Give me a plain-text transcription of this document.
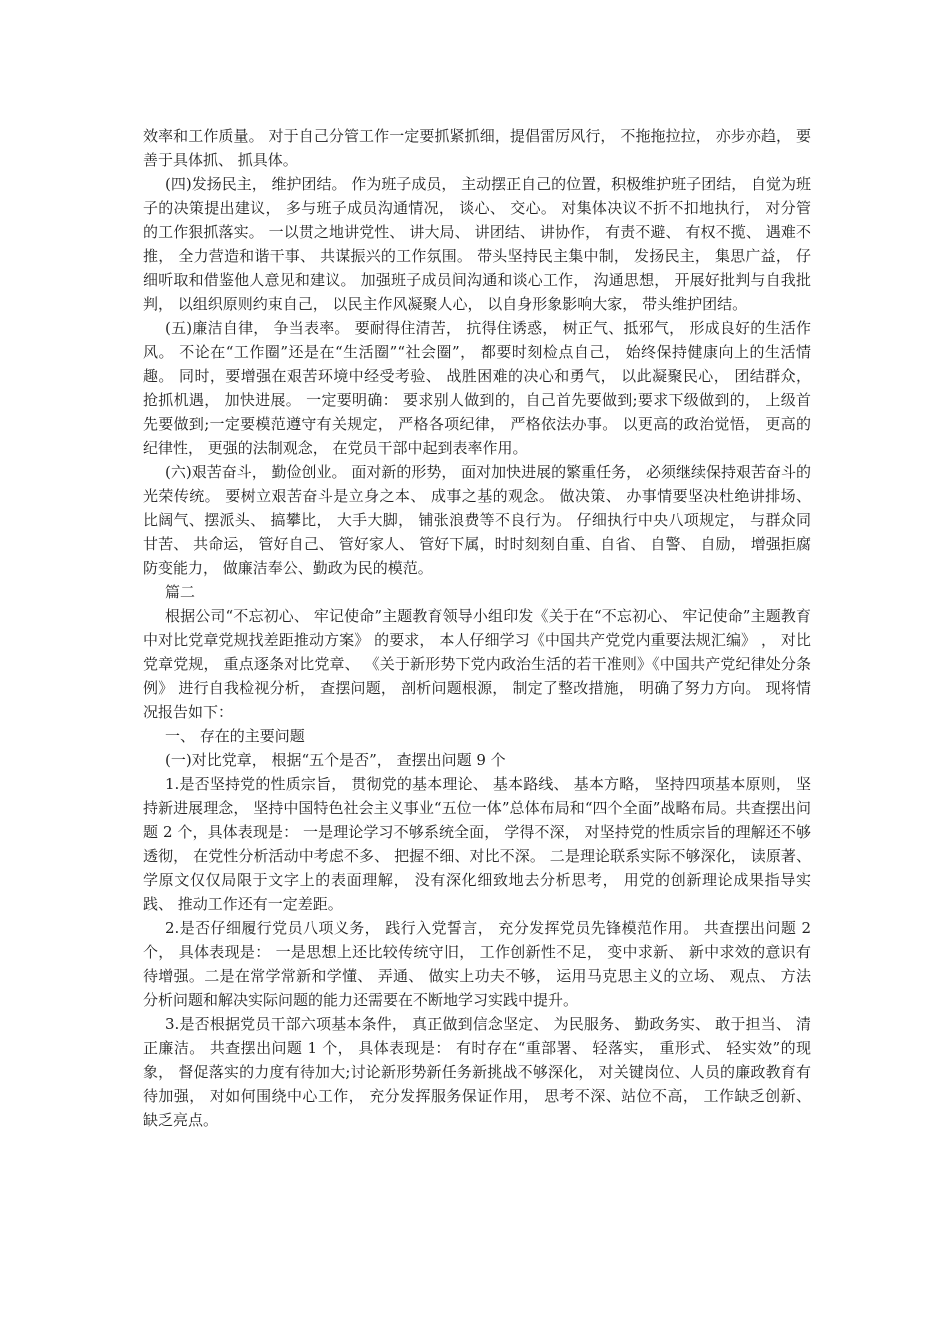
效率和工作质量。 对于自己分管工作一定要抓紧抓细，提倡雷厉风行， 不拖拖拉拉， 亦步亦趋， 要善于具体抓、 抓具体。

(四)发扬民主， 维护团结。 作为班子成员， 主动摆正自己的位置，积极维护班子团结， 自觉为班子的决策提出建议， 多与班子成员沟通情况， 谈心、 交心。 对集体决议不折不扣地执行， 对分管的工作狠抓落实。 一以贯之地讲党性、 讲大局、 讲团结、 讲协作， 有责不避、 有权不揽、 遇难不推， 全力营造和谐干事、 共谋振兴的工作氛围。 带头坚持民主集中制， 发扬民主， 集思广益， 仔细听取和借鉴他人意见和建议。 加强班子成员间沟通和谈心工作， 沟通思想， 开展好批判与自我批判， 以组织原则约束自己， 以民主作风凝聚人心， 以自身形象影响大家， 带头维护团结。

(五)廉洁自律， 争当表率。 要耐得住清苦， 抗得住诱惑， 树正气、抵邪气， 形成良好的生活作风。 不论在“工作圈”还是在“生活圈”“社会圈”， 都要时刻检点自己， 始终保持健康向上的生活情趣。 同时，要增强在艰苦环境中经受考验、 战胜困难的决心和勇气， 以此凝聚民心， 团结群众， 抢抓机遇， 加快进展。 一定要明确： 要求别人做到的，自己首先要做到;要求下级做到的， 上级首先要做到;一定要模范遵守有关规定， 严格各项纪律， 严格依法办事。 以更高的政治觉悟， 更高的纪律性， 更强的法制观念， 在党员干部中起到表率作用。

(六)艰苦奋斗， 勤俭创业。 面对新的形势， 面对加快进展的繁重任务， 必须继续保持艰苦奋斗的光荣传统。 要树立艰苦奋斗是立身之本、 成事之基的观念。 做决策、 办事情要坚决杜绝讲排场、 比阔气、摆派头、 搞攀比， 大手大脚， 铺张浪费等不良行为。 仔细执行中央八项规定， 与群众同甘苦、 共命运， 管好自己、 管好家人、 管好下属，时时刻刻自重、自省、 自警、 自励， 增强拒腐防变能力， 做廉洁奉公、勤政为民的模范。

篇二

根据公司“不忘初心、 牢记使命”主题教育领导小组印发《关于在“不忘初心、 牢记使命”主题教育中对比党章党规找差距推动方案》 的要求， 本人仔细学习《中国共产党党内重要法规汇编》 ， 对比党章党规， 重点逐条对比党章、 《关于新形势下党内政治生活的若干准则》《中国共产党纪律处分条例》 进行自我检视分析， 查摆问题， 剖析问题根源， 制定了整改措施， 明确了努力方向。 现将情况报告如下：

一、 存在的主要问题

(一)对比党章， 根据“五个是否”， 查摆出问题 9 个

1.是否坚持党的性质宗旨， 贯彻党的基本理论、 基本路线、 基本方略， 坚持四项基本原则， 坚持新进展理念， 坚持中国特色社会主义事业“五位一体”总体布局和“四个全面”战略布局。共查摆出问题 2 个，具体表现是： 一是理论学习不够系统全面， 学得不深， 对坚持党的性质宗旨的理解还不够透彻， 在党性分析活动中考虑不多、 把握不细、对比不深。 二是理论联系实际不够深化， 读原著、 学原文仅仅局限于文字上的表面理解， 没有深化细致地去分析思考， 用党的创新理论成果指导实践、 推动工作还有一定差距。

2.是否仔细履行党员八项义务， 践行入党誓言， 充分发挥党员先锋模范作用。 共查摆出问题 2 个， 具体表现是： 一是思想上还比较传统守旧， 工作创新性不足， 变中求新、 新中求效的意识有待增强。二是在常学常新和学懂、 弄通、 做实上功夫不够， 运用马克思主义的立场、 观点、 方法分析问题和解决实际问题的能力还需要在不断地学习实践中提升。

3.是否根据党员干部六项基本条件， 真正做到信念坚定、 为民服务、 勤政务实、 敢于担当、 清正廉洁。 共查摆出问题 1 个， 具体表现是： 有时存在“重部署、 轻落实， 重形式、 轻实效”的现象， 督促落实的力度有待加大;讨论新形势新任务新挑战不够深化， 对关键岗位、人员的廉政教育有待加强， 对如何围绕中心工作， 充分发挥服务保证作用， 思考不深、站位不高， 工作缺乏创新、 缺乏亮点。
